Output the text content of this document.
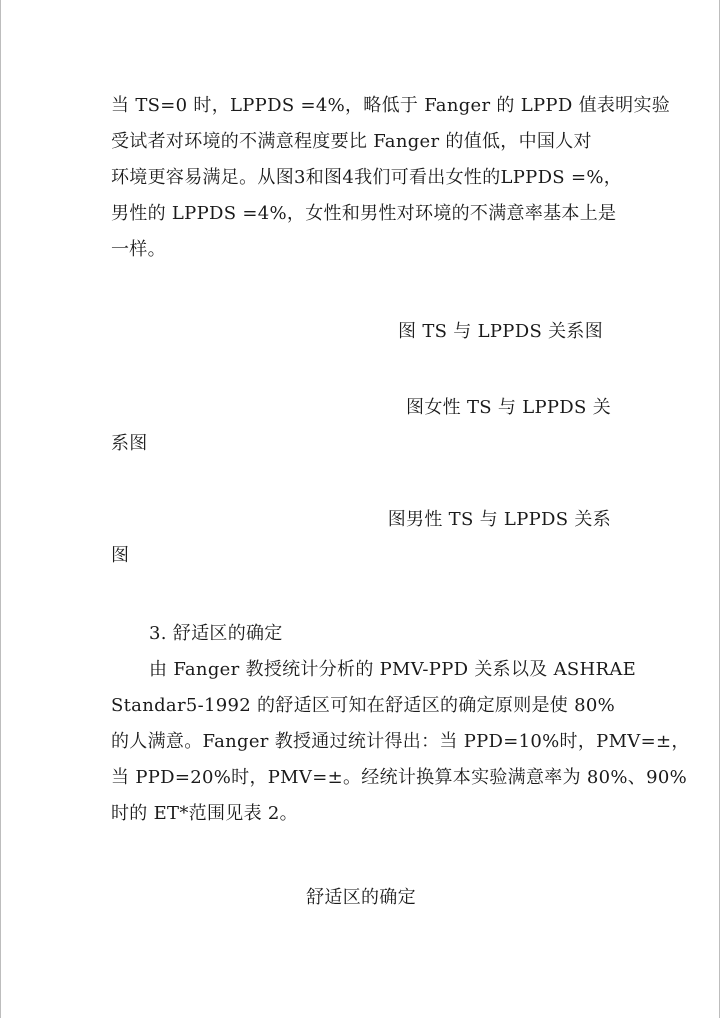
当 TS=0 时，LPPDS =4%，略低于 Fanger 的 LPPD 值表明实验
受试者对环境的不满意程度要比 Fanger 的值低，中国人对
环境更容易满足。从图3和图4我们可看出女性的LPPDS =%，
男性的 LPPDS =4%，女性和男性对环境的不满意率基本上是
一样。
图 TS 与 LPPDS 关系图
图女性 TS 与 LPPDS 关
系图
图男性 TS 与 LPPDS 关系
图
3. 舒适区的确定
由 Fanger 教授统计分析的 PMV-PPD 关系以及 ASHRAE
Standar5-1992 的舒适区可知在舒适区的确定原则是使 80%
的人满意。Fanger 教授通过统计得出：当 PPD=10%时，PMV=±，
当 PPD=20%时，PMV=±。经统计换算本实验满意率为 80%、90%
时的 ET*范围见表 2。
舒适区的确定
